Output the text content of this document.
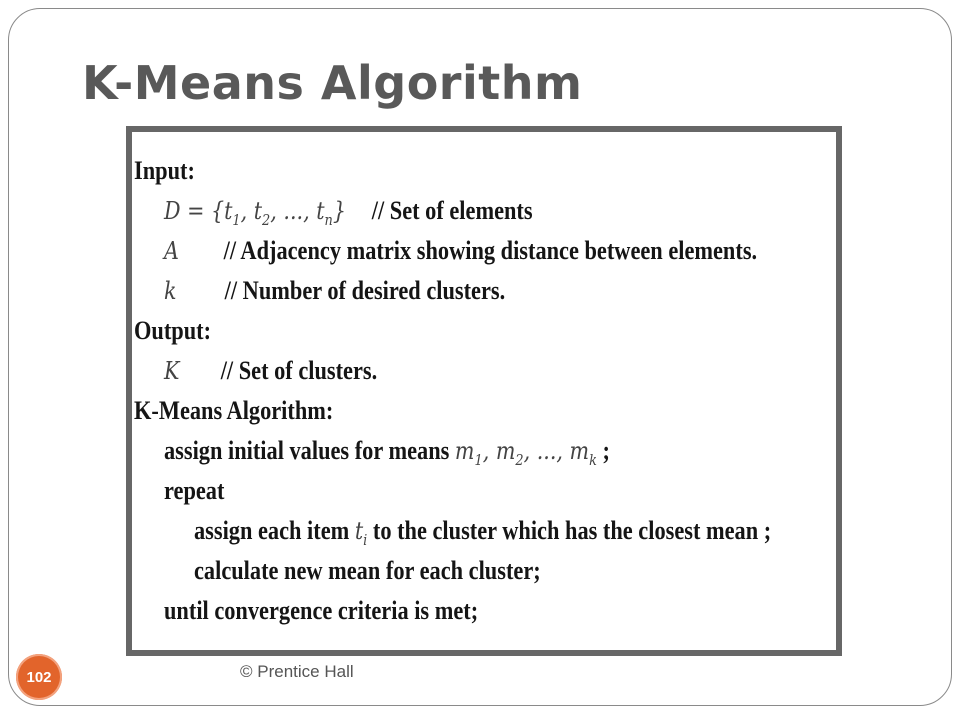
K-Means Algorithm
Input:
$D = \{t_1$, $t_2$, ..., $t_n$} // Set of elements
A // Adjacency matrix showing distance between elements.
k // Number of desired clusters.
Output:
K // Set of clusters.
K-Means Algorithm:
assign initial values for means $m_1$, $m_2$, ..., $m_k$ ;
repeat
assign each item $t_i$ to the cluster which has the closest mean ;
calculate new mean for each cluster;
until convergence criteria is met;
© Prentice Hall
102
